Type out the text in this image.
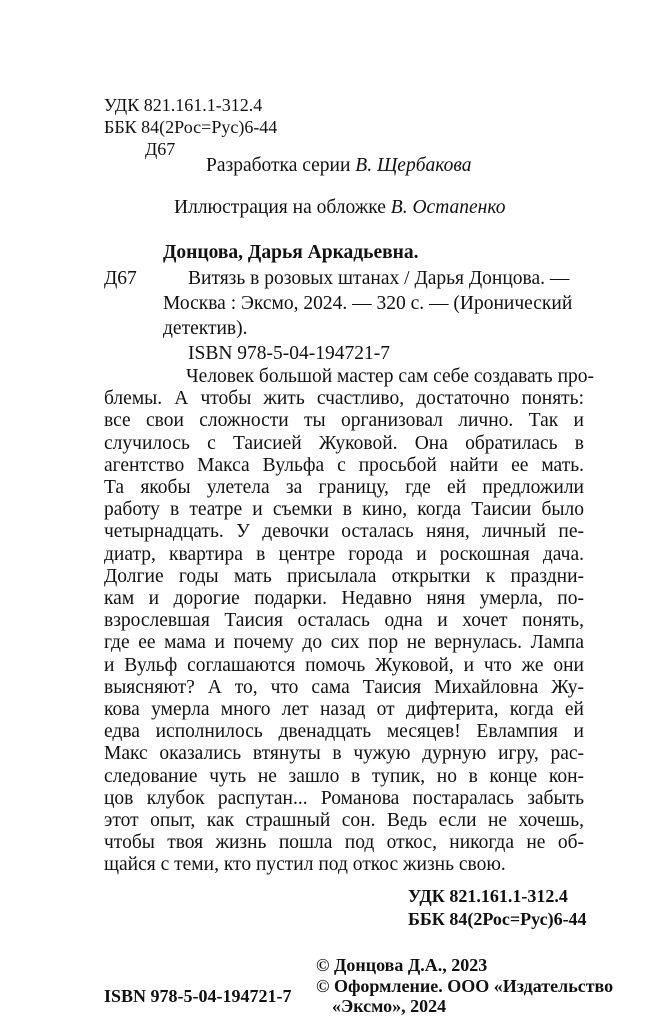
УДК 821.161.1-312.4
ББК 84(2Рос=Рус)6-44
Д67
Разработка серии В. Щербакова
Иллюстрация на обложке В. Остапенко
Донцова, Дарья Аркадьевна.
Д67	Витязь в розовых штанах / Дарья Донцова. —
Москва : Эксмо, 2024. — 320 с. — (Иронический
детектив).
ISBN 978-5-04-194721-7
Человек большой мастер сам себе создавать про-
блемы. А чтобы жить счастливо, достаточно понять:
все свои сложности ты организовал лично. Так и
случилось с Таисией Жуковой. Она обратилась в
агентство Макса Вульфа с просьбой найти ее мать.
Та якобы улетела за границу, где ей предложили
работу в театре и съемки в кино, когда Таисии было
четырнадцать. У девочки осталась няня, личный пе-
диатр, квартира в центре города и роскошная дача.
Долгие годы мать присылала открытки к праздни-
кам и дорогие подарки. Недавно няня умерла, по-
взрослевшая Таисия осталась одна и хочет понять,
где ее мама и почему до сих пор не вернулась. Лампа
и Вульф соглашаются помочь Жуковой, и что же они
выясняют? А то, что сама Таисия Михайловна Жу-
кова умерла много лет назад от дифтерита, когда ей
едва исполнилось двенадцать месяцев! Евлампия и
Макс оказались втянуты в чужую дурную игру, рас-
следование чуть не зашло в тупик, но в конце кон-
цов клубок распутан... Романова постаралась забыть
этот опыт, как страшный сон. Ведь если не хочешь,
чтобы твоя жизнь пошла под откос, никогда не об-
щайся с теми, кто пустил под откос жизнь свою.
УДК 821.161.1-312.4
ББК 84(2Рос=Рус)6-44
© Донцова Д.А., 2023
© Оформление. ООО «Издательство
«Эксмо», 2024
ISBN 978-5-04-194721-7
